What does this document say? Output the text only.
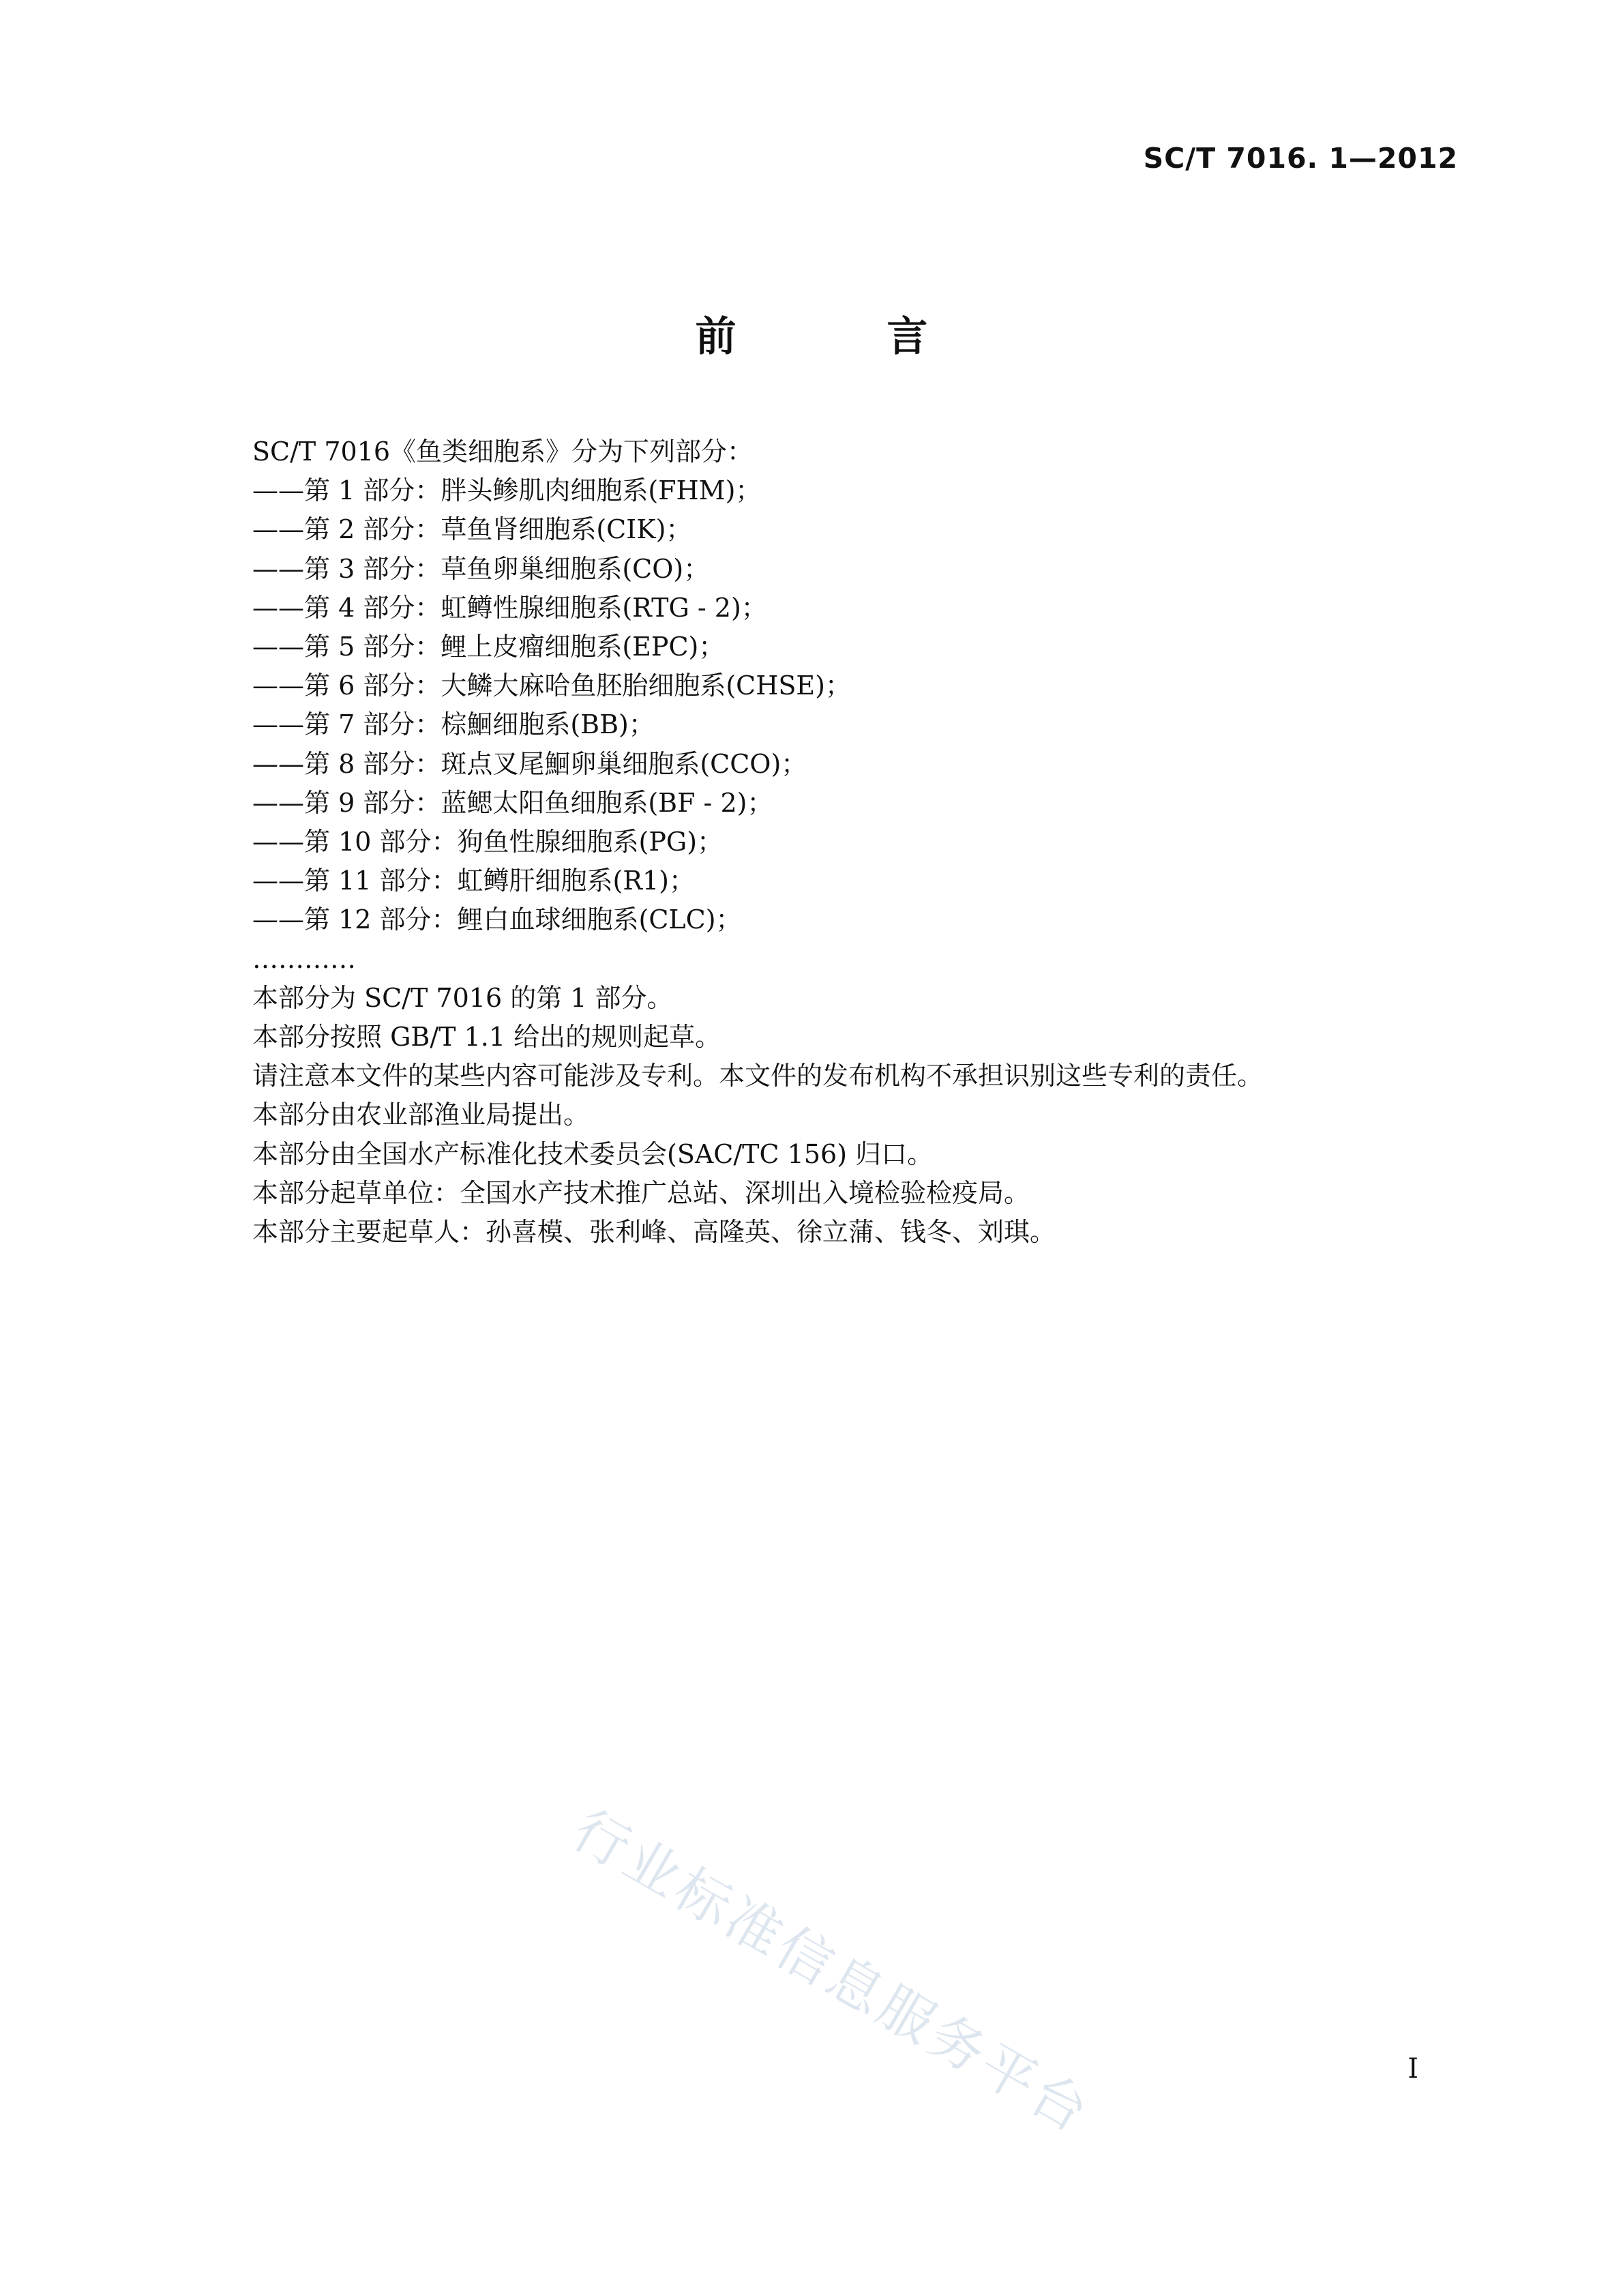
SC/T 7016. 1—2012
前 言
SC/T 7016《鱼类细胞系》分为下列部分：
——第 1 部分：胖头鲹肌肉细胞系(FHM)；
——第 2 部分：草鱼肾细胞系(CIK)；
——第 3 部分：草鱼卵巢细胞系(CO)；
——第 4 部分：虹鳟性腺细胞系(RTG - 2)；
——第 5 部分：鲤上皮瘤细胞系(EPC)；
——第 6 部分：大鳞大麻哈鱼胚胎细胞系(CHSE)；
——第 7 部分：棕鮰细胞系(BB)；
——第 8 部分：斑点叉尾鮰卵巢细胞系(CCO)；
——第 9 部分：蓝鳃太阳鱼细胞系(BF - 2)；
——第 10 部分：狗鱼性腺细胞系(PG)；
——第 11 部分：虹鳟肝细胞系(R1)；
——第 12 部分：鲤白血球细胞系(CLC)；
…………
本部分为 SC/T 7016 的第 1 部分。
本部分按照 GB/T 1.1 给出的规则起草。
请注意本文件的某些内容可能涉及专利。本文件的发布机构不承担识别这些专利的责任。
本部分由农业部渔业局提出。
本部分由全国水产标准化技术委员会(SAC/TC 156) 归口。
本部分起草单位：全国水产技术推广总站、深圳出入境检验检疫局。
本部分主要起草人：孙喜模、张利峰、高隆英、徐立蒲、钱冬、刘琪。
行业标准信息服务平台	I
